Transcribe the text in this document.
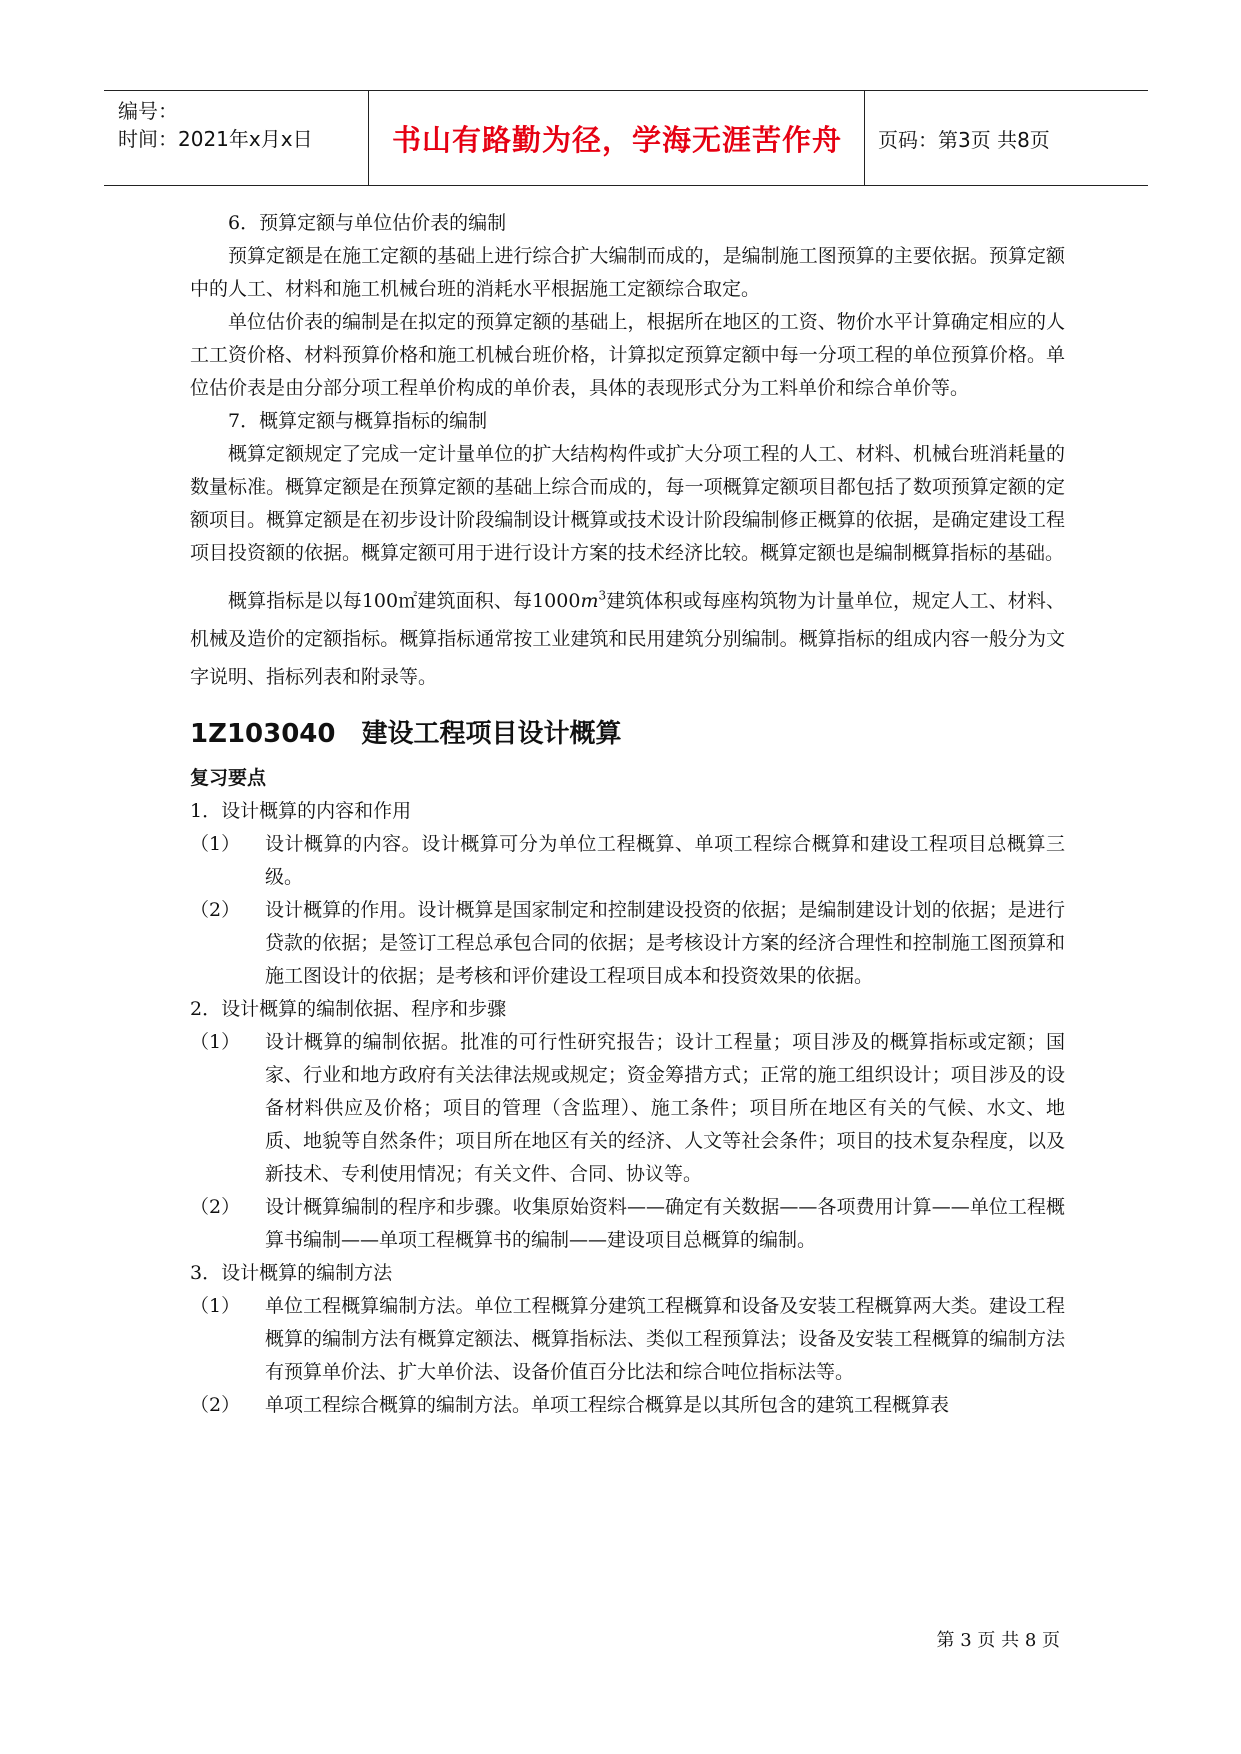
编号：
时间：2021年x月x日	书山有路勤为径，学海无涯苦作舟 页码：第3页 共8页

6．预算定额与单位估价表的编制

预算定额是在施工定额的基础上进行综合扩大编制而成的，是编制施工图预算的主要依据。预算定额中的人工、材料和施工机械台班的消耗水平根据施工定额综合取定。

单位估价表的编制是在拟定的预算定额的基础上，根据所在地区的工资、物价水平计算确定相应的人工工资价格、材料预算价格和施工机械台班价格，计算拟定预算定额中每一分项工程的单位预算价格。单位估价表是由分部分项工程单价构成的单价表，具体的表现形式分为工料单价和综合单价等。

7．概算定额与概算指标的编制

概算定额规定了完成一定计量单位的扩大结构构件或扩大分项工程的人工、材料、机械台班消耗量的数量标准。概算定额是在预算定额的基础上综合而成的，每一项概算定额项目都包括了数项预算定额的定额项目。概算定额是在初步设计阶段编制设计概算或技术设计阶段编制修正概算的依据，是确定建设工程项目投资额的依据。概算定额可用于进行设计方案的技术经济比较。概算定额也是编制概算指标的基础。

概算指标是以每100㎡建筑面积、每$1000m^3$建筑体积或每座构筑物为计量单位，规定人工、材料、机械及造价的定额指标。概算指标通常按工业建筑和民用建筑分别编制。概算指标的组成内容一般分为文字说明、指标列表和附录等。

1Z103040　建设工程项目设计概算
复习要点

1．设计概算的内容和作用

（1）	设计概算的内容。设计概算可分为单位工程概算、单项工程综合概算和建设工程项目总概算三级。
（2）	设计概算的作用。设计概算是国家制定和控制建设投资的依据；是编制建设计划的依据；是进行贷款的依据；是签订工程总承包合同的依据；是考核设计方案的经济合理性和控制施工图预算和施工图设计的依据；是考核和评价建设工程项目成本和投资效果的依据。

2．设计概算的编制依据、程序和步骤

（1）	设计概算的编制依据。批准的可行性研究报告；设计工程量；项目涉及的概算指标或定额；国家、行业和地方政府有关法律法规或规定；资金筹措方式；正常的施工组织设计；项目涉及的设备材料供应及价格；项目的管理（含监理）、施工条件；项目所在地区有关的气候、水文、地质、地貌等自然条件；项目所在地区有关的经济、人文等社会条件；项目的技术复杂程度，以及新技术、专利使用情况；有关文件、合同、协议等。
（2）	设计概算编制的程序和步骤。收集原始资料——确定有关数据——各项费用计算——单位工程概算书编制——单项工程概算书的编制——建设项目总概算的编制。

3．设计概算的编制方法

（1）	单位工程概算编制方法。单位工程概算分建筑工程概算和设备及安装工程概算两大类。建设工程概算的编制方法有概算定额法、概算指标法、类似工程预算法；设备及安装工程概算的编制方法有预算单价法、扩大单价法、设备价值百分比法和综合吨位指标法等。
（2）	单项工程综合概算的编制方法。单项工程综合概算是以其所包含的建筑工程概算表
第 3 页 共 8 页
